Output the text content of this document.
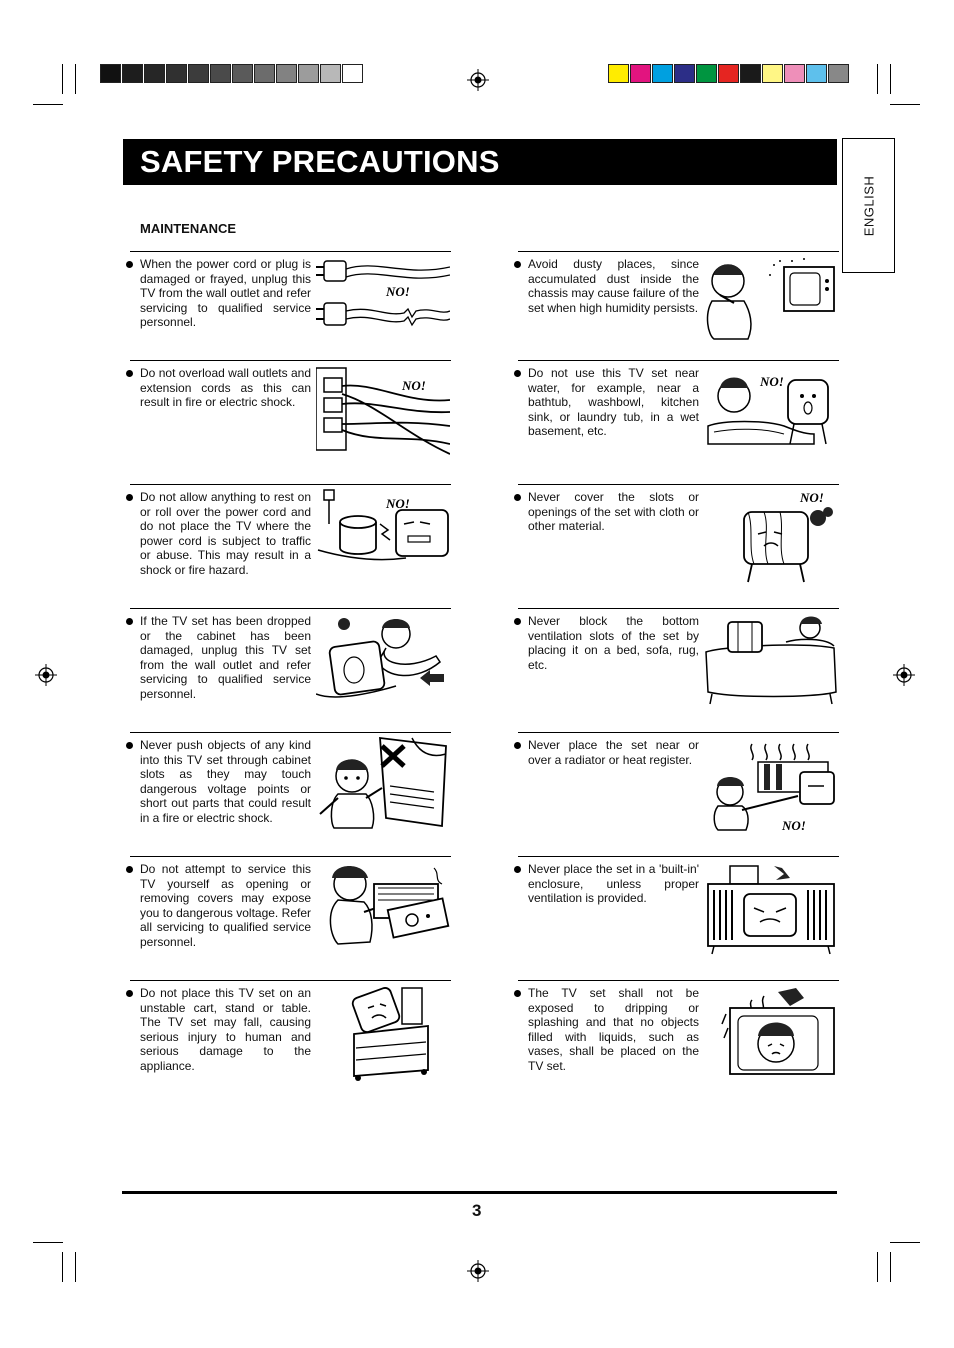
SAFETY PRECAUTIONS
ENGLISH
MAINTENANCE
When the power cord or plug is damaged or frayed, unplug this TV from the wall outlet and refer servicing to qualified service personnel.
NO!
Avoid dusty places, since accumulated dust inside the chassis may cause failure of the set when high humidity persists.
Do not overload wall outlets and extension cords as this can result in fire or electric shock.
NO!
Do not use this TV set near water, for example, near a bathtub, washbowl, kitchen sink, or laundry tub, in a wet basement, etc.
NO!
Do not allow anything to rest on or roll over the power cord and do not place the TV where the power cord is subject to traffic or abuse. This may result in a shock or fire hazard.
NO!	Never cover the slots or openings of the set with cloth or other material.
NO!
If the TV set has been dropped or the cabinet has been damaged, unplug this TV set from the wall outlet and refer servicing to qualified service personnel.
Never block the bottom ventilation slots of the set by placing it on a bed, sofa, rug, etc.
Never push objects of any kind into this TV set through cabinet slots as they may touch dangerous voltage points or short out parts that could result in a fire or electric shock.
Never place the set near or over a radiator or heat register.
NO!
Do not attempt to service this TV yourself as opening or removing covers may expose you to dangerous voltage. Refer all servicing to qualified service personnel.
Never place the set in a 'built-in' enclosure, unless proper ventilation is provided.
Do not place this TV set on an unstable cart, stand or table. The TV set may fall, causing serious injury to human and serious damage to the appliance.
The TV set shall not be exposed to dripping or splashing and that no objects filled with liquids, such as vases, shall be placed on the TV set.
3
